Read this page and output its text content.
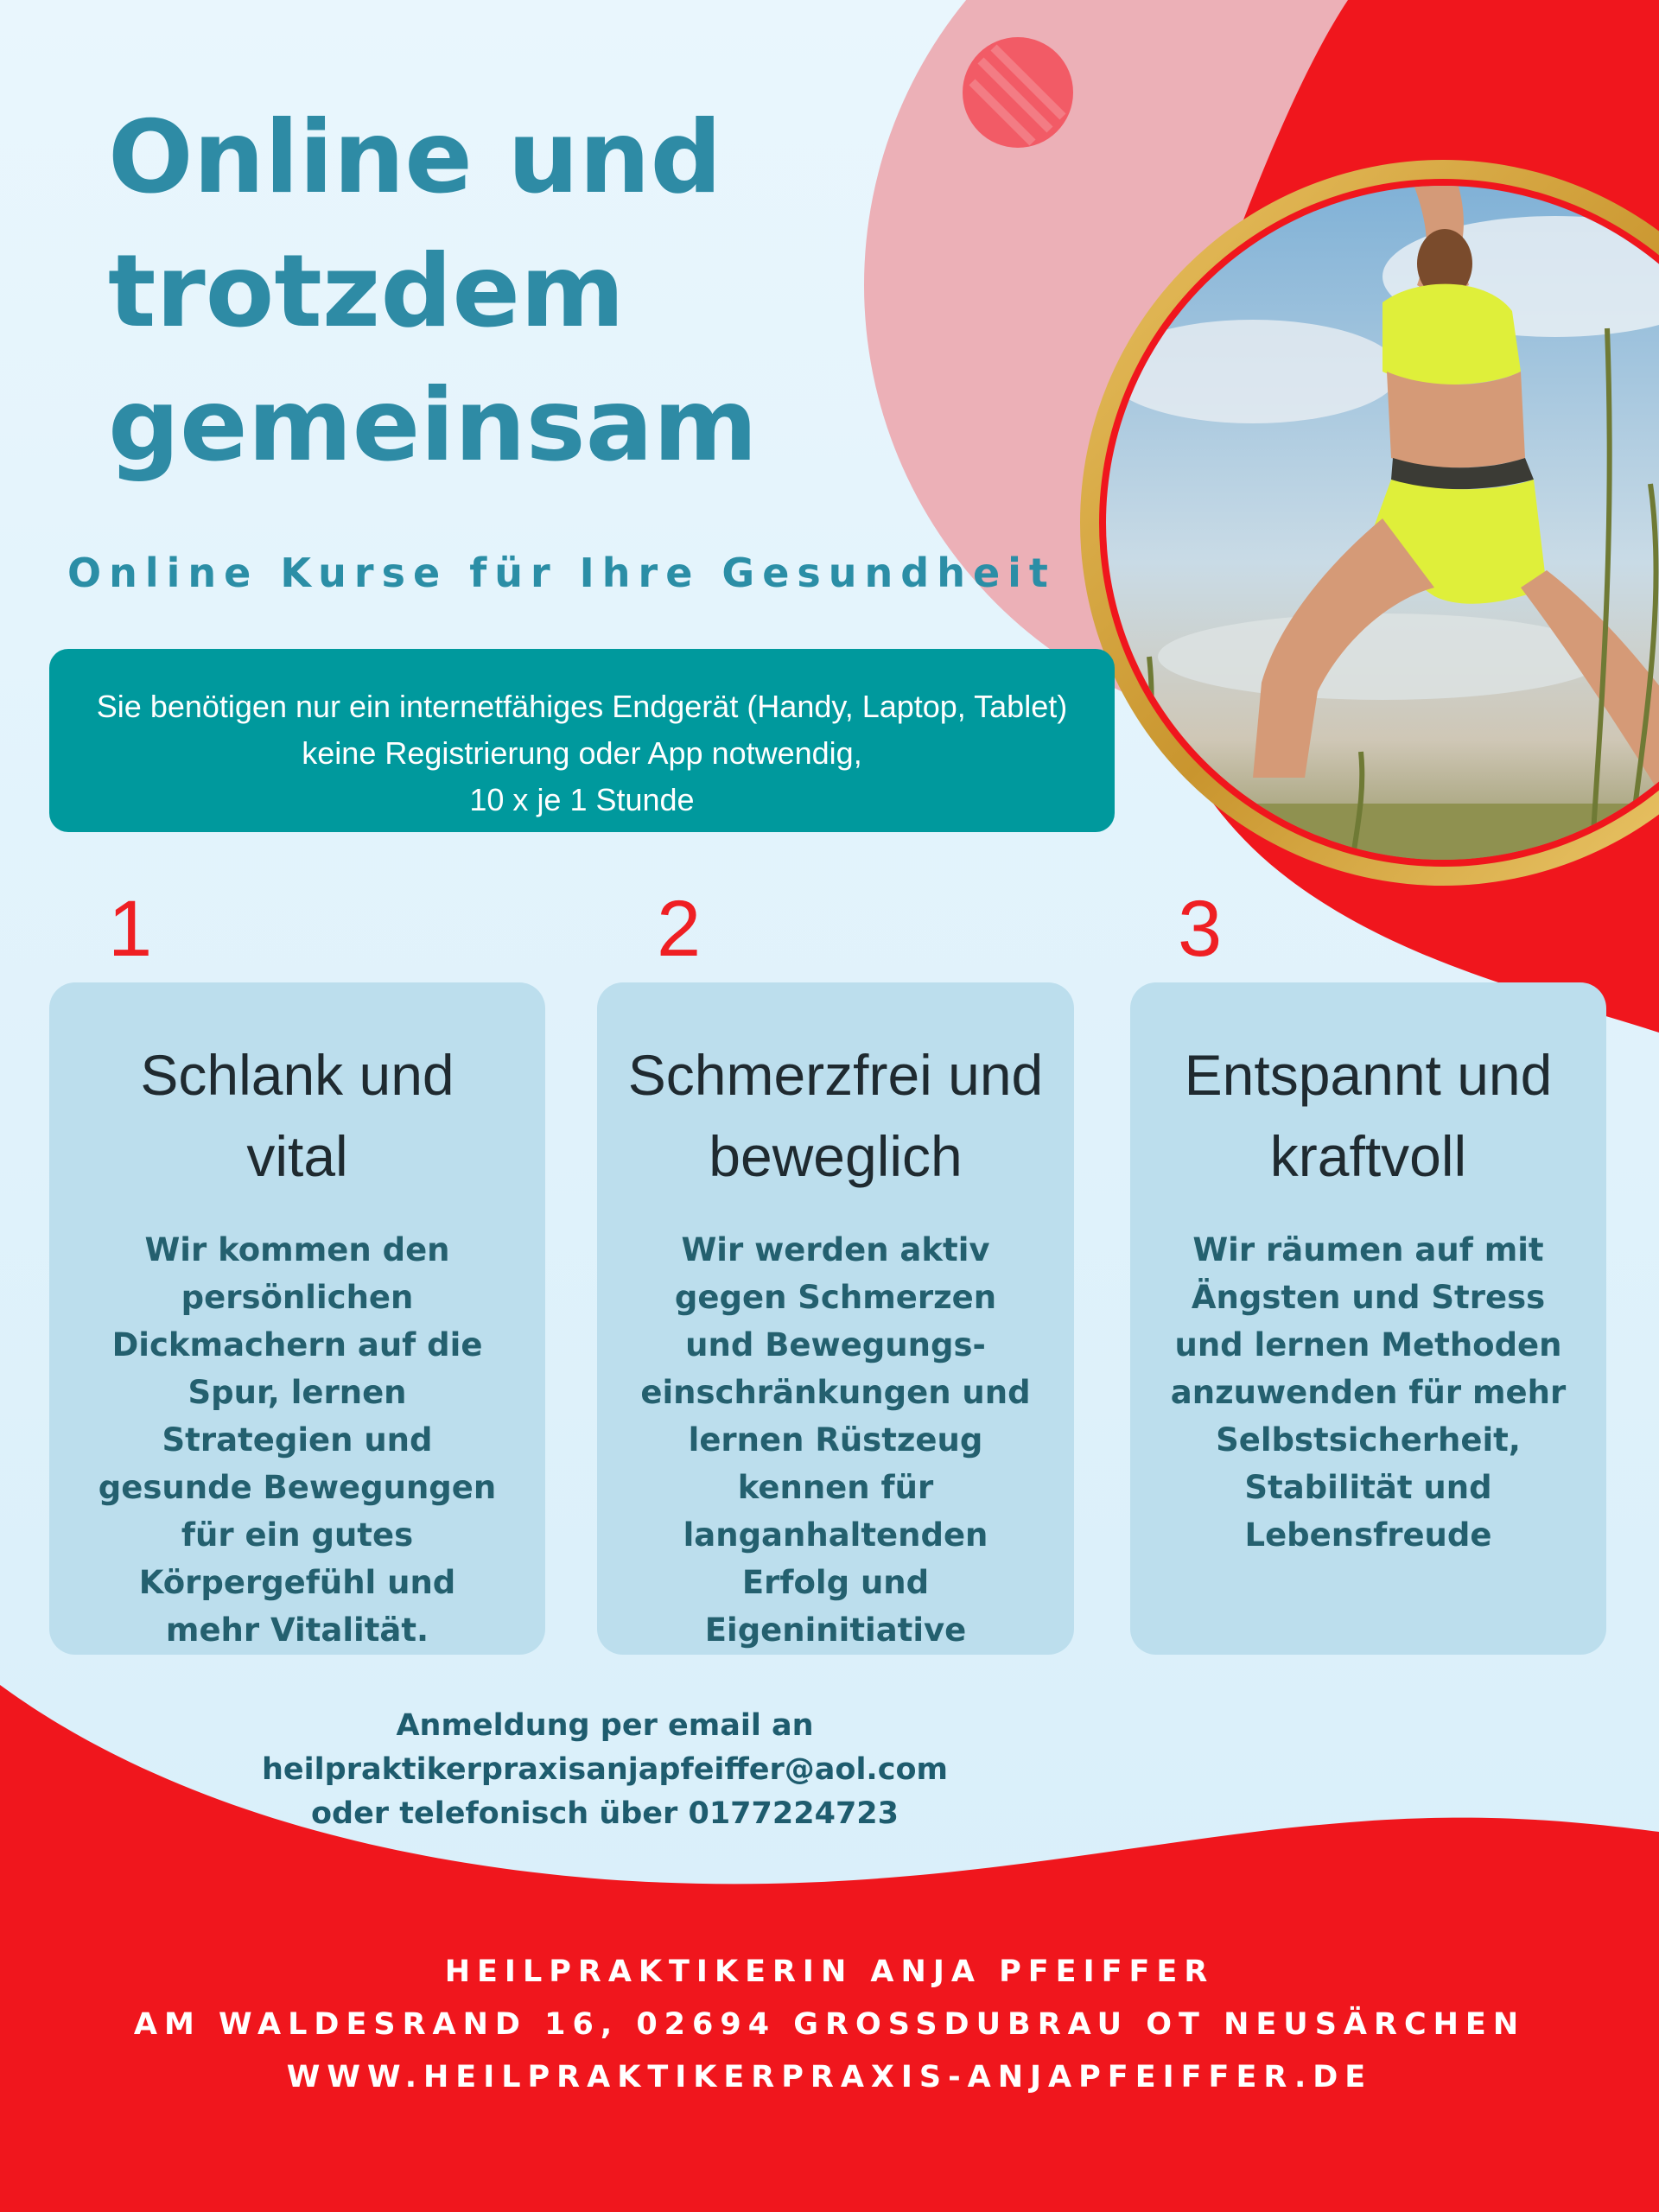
Online und
trotzdem
gemeinsam
Online Kurse für Ihre Gesundheit
Sie benötigen nur ein internetfähiges Endgerät (Handy, Laptop, Tablet)
keine Registrierung oder App notwendig,
10 x je 1 Stunde
1	2	3
Schlank und
vital
Wir kommen den persönlichen Dickmachern auf die Spur, lernen Strategien und gesunde Bewegungen für ein gutes Körpergefühl und mehr Vitalität.
Schmerzfrei und
beweglich
Wir werden aktiv gegen Schmerzen und Bewegungs-einschränkungen und lernen Rüstzeug kennen für langanhaltenden Erfolg und Eigeninitiative
Entspannt und
kraftvoll
Wir räumen auf mit Ängsten und Stress und lernen Methoden anzuwenden für mehr Selbstsicherheit, Stabilität und Lebensfreude
Anmeldung per email an
heilpraktikerpraxisanjapfeiffer@aol.com
oder telefonisch über 0177224723
HEILPRAKTIKERIN ANJA PFEIFFER
AM WALDESRAND 16, 02694 GROSSDUBRAU OT NEUSÄRCHEN
WWW.HEILPRAKTIKERPRAXIS-ANJAPFEIFFER.DE
